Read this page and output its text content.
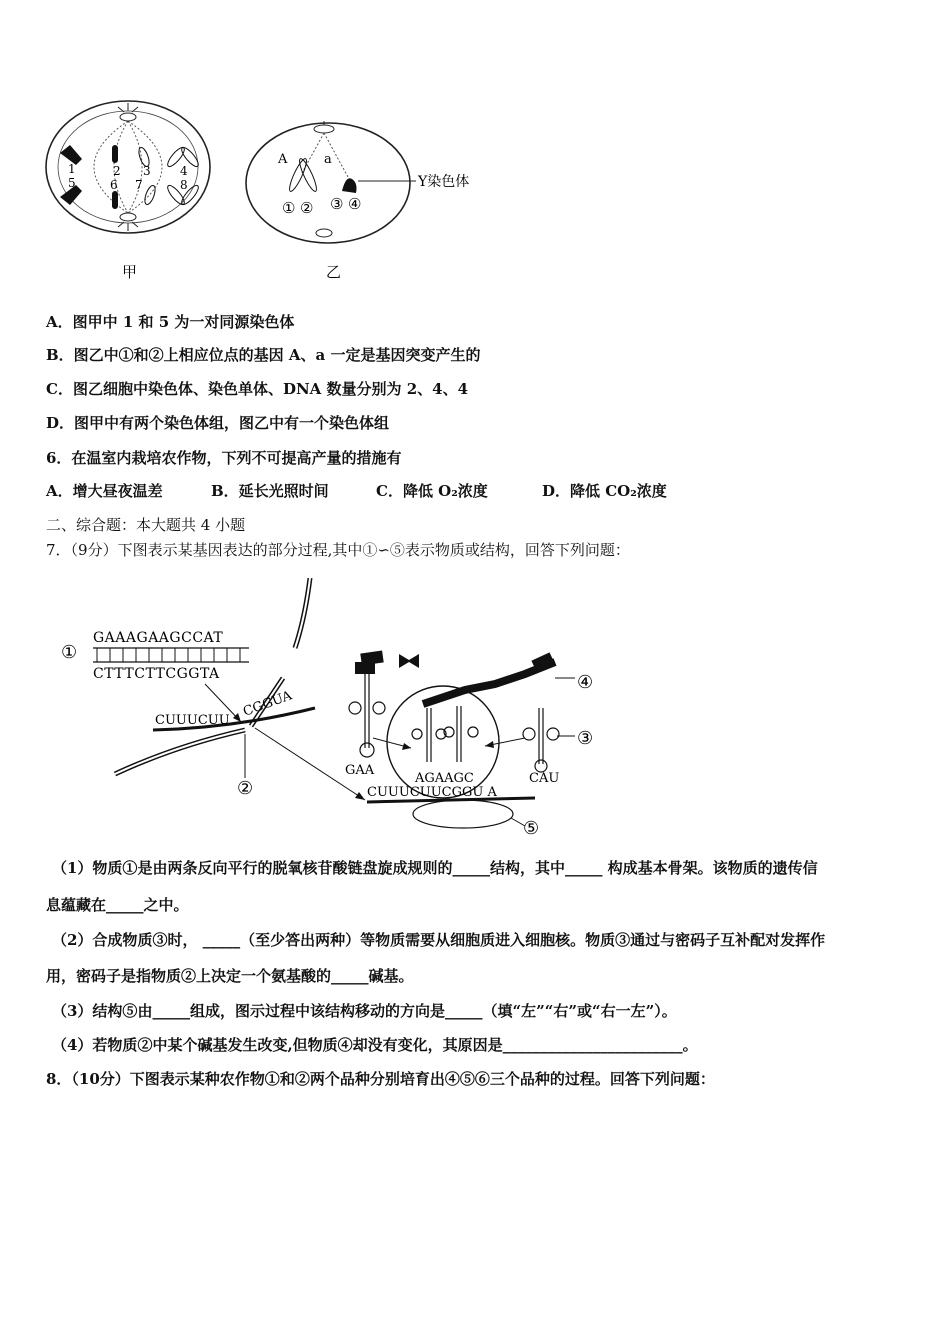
1
5
2
6
3
7
4
8
甲
A	a
① ② ③ ④
Y染色体
乙
A．图甲中 1 和 5 为一对同源染色体
B．图乙中①和②上相应位点的基因 A、a 一定是基因突变产生的
C．图乙细胞中染色体、染色单体、DNA 数量分别为 2、4、4
D．图甲中有两个染色体组，图乙中有一个染色体组
6．在温室内栽培农作物，下列不可提高产量的措施有
A．增大昼夜温差	B．延长光照时间	C．降低 O₂浓度	D．降低 CO₂浓度
二、综合题：本大题共 4 小题
7．（9分）下图表示某基因表达的部分过程,其中①∽⑤表示物质或结构，回答下列问题：
①
GAAAGAAGCCAT
CTTTCTTCGGTA
CUUUCUU
CGGUA
②	CUUUCUUCGGU A
⑤
GAA
AGAAGC
④
③
CAU
（1）物质①是由两条反向平行的脱氧核苷酸链盘旋成规则的_____结构，其中_____ 构成基本骨架。该物质的遗传信
息蕴藏在_____之中。
（2）合成物质③时， _____（至少答出两种）等物质需要从细胞质进入细胞核。物质③通过与密码子互补配对发挥作
用，密码子是指物质②上决定一个氨基酸的_____碱基。
（3）结构⑤由_____组成，图示过程中该结构移动的方向是_____（填“左”“右”或“右一左”）。
（4）若物质②中某个碱基发生改变,但物质④却没有变化，其原因是________________________。
8．（10分）下图表示某种农作物①和②两个品种分别培育出④⑤⑥三个品种的过程。回答下列问题：
